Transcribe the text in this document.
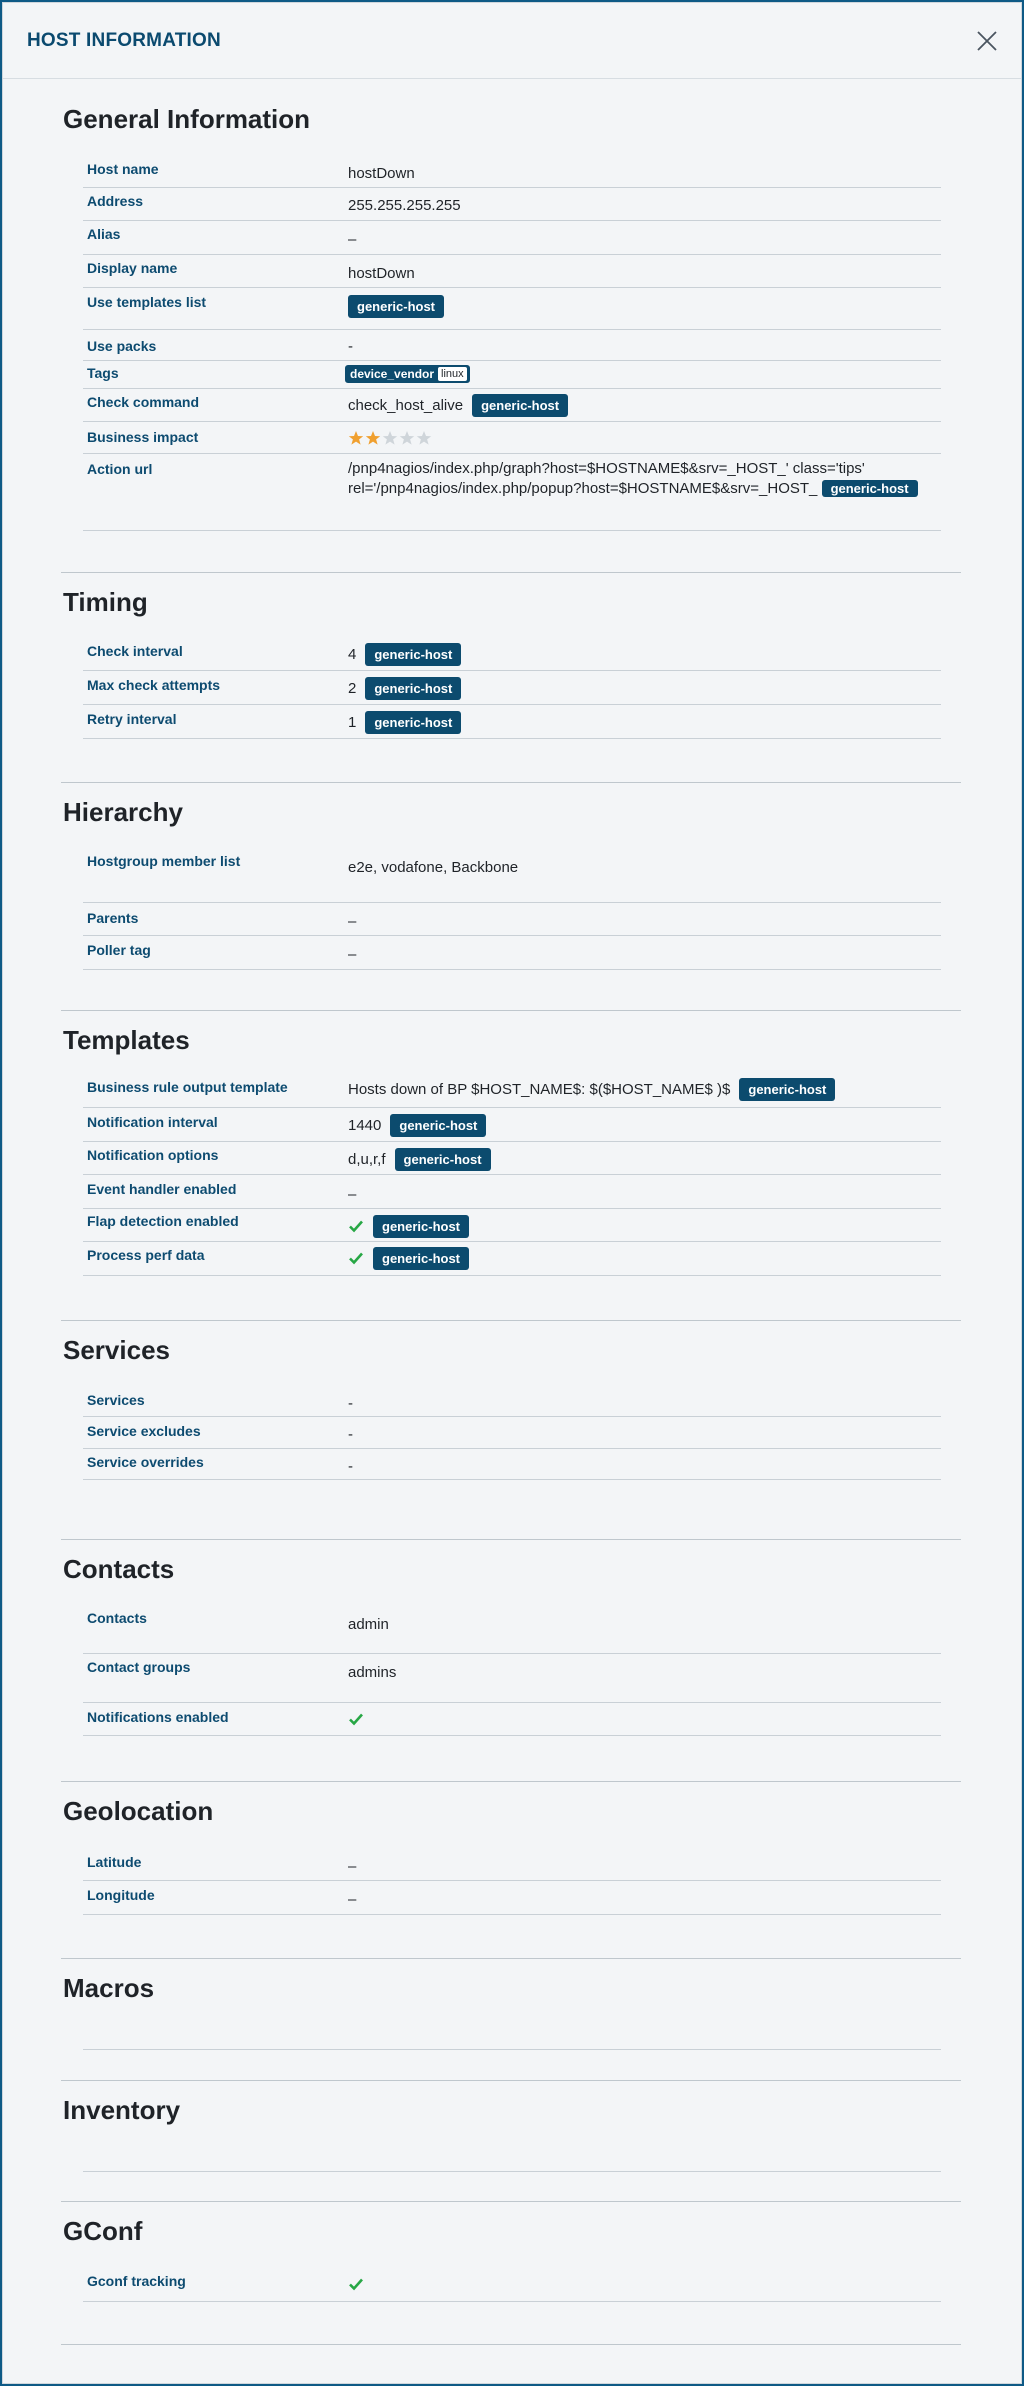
HOST INFORMATION
General Information
Host name	hostDown
Address	255.255.255.255
Alias	–
Display name	hostDown
Use templates list	generic-host
Use packs	-
Tags	device_vendor linux
Check command	check_host_alive	generic-host
Business impact
Action url	/pnp4nagios/index.php/graph?host=$HOSTNAME$&srv=_HOST_' class='tips' rel='/pnp4nagios/index.php/popup?host=$HOSTNAME$&srv=_HOST_ generic-host
Timing
Check interval	4	generic-host
Max check attempts	2	generic-host
Retry interval	1	generic-host
Hierarchy
Hostgroup member list	e2e, vodafone, Backbone
Parents	–
Poller tag	–
Templates
Business rule output template	Hosts down of BP $HOST_NAME$: $($HOST_NAME$ )$	generic-host
Notification interval	1440	generic-host
Notification options	d,u,r,f	generic-host
Event handler enabled	–
Flap detection enabled	generic-host
Process perf data	generic-host
Services
Services	-
Service excludes	-
Service overrides	-
Contacts
Contacts	admin
Contact groups	admins
Notifications enabled
Geolocation
Latitude	–
Longitude	–
Macros
Inventory
GConf
Gconf tracking
